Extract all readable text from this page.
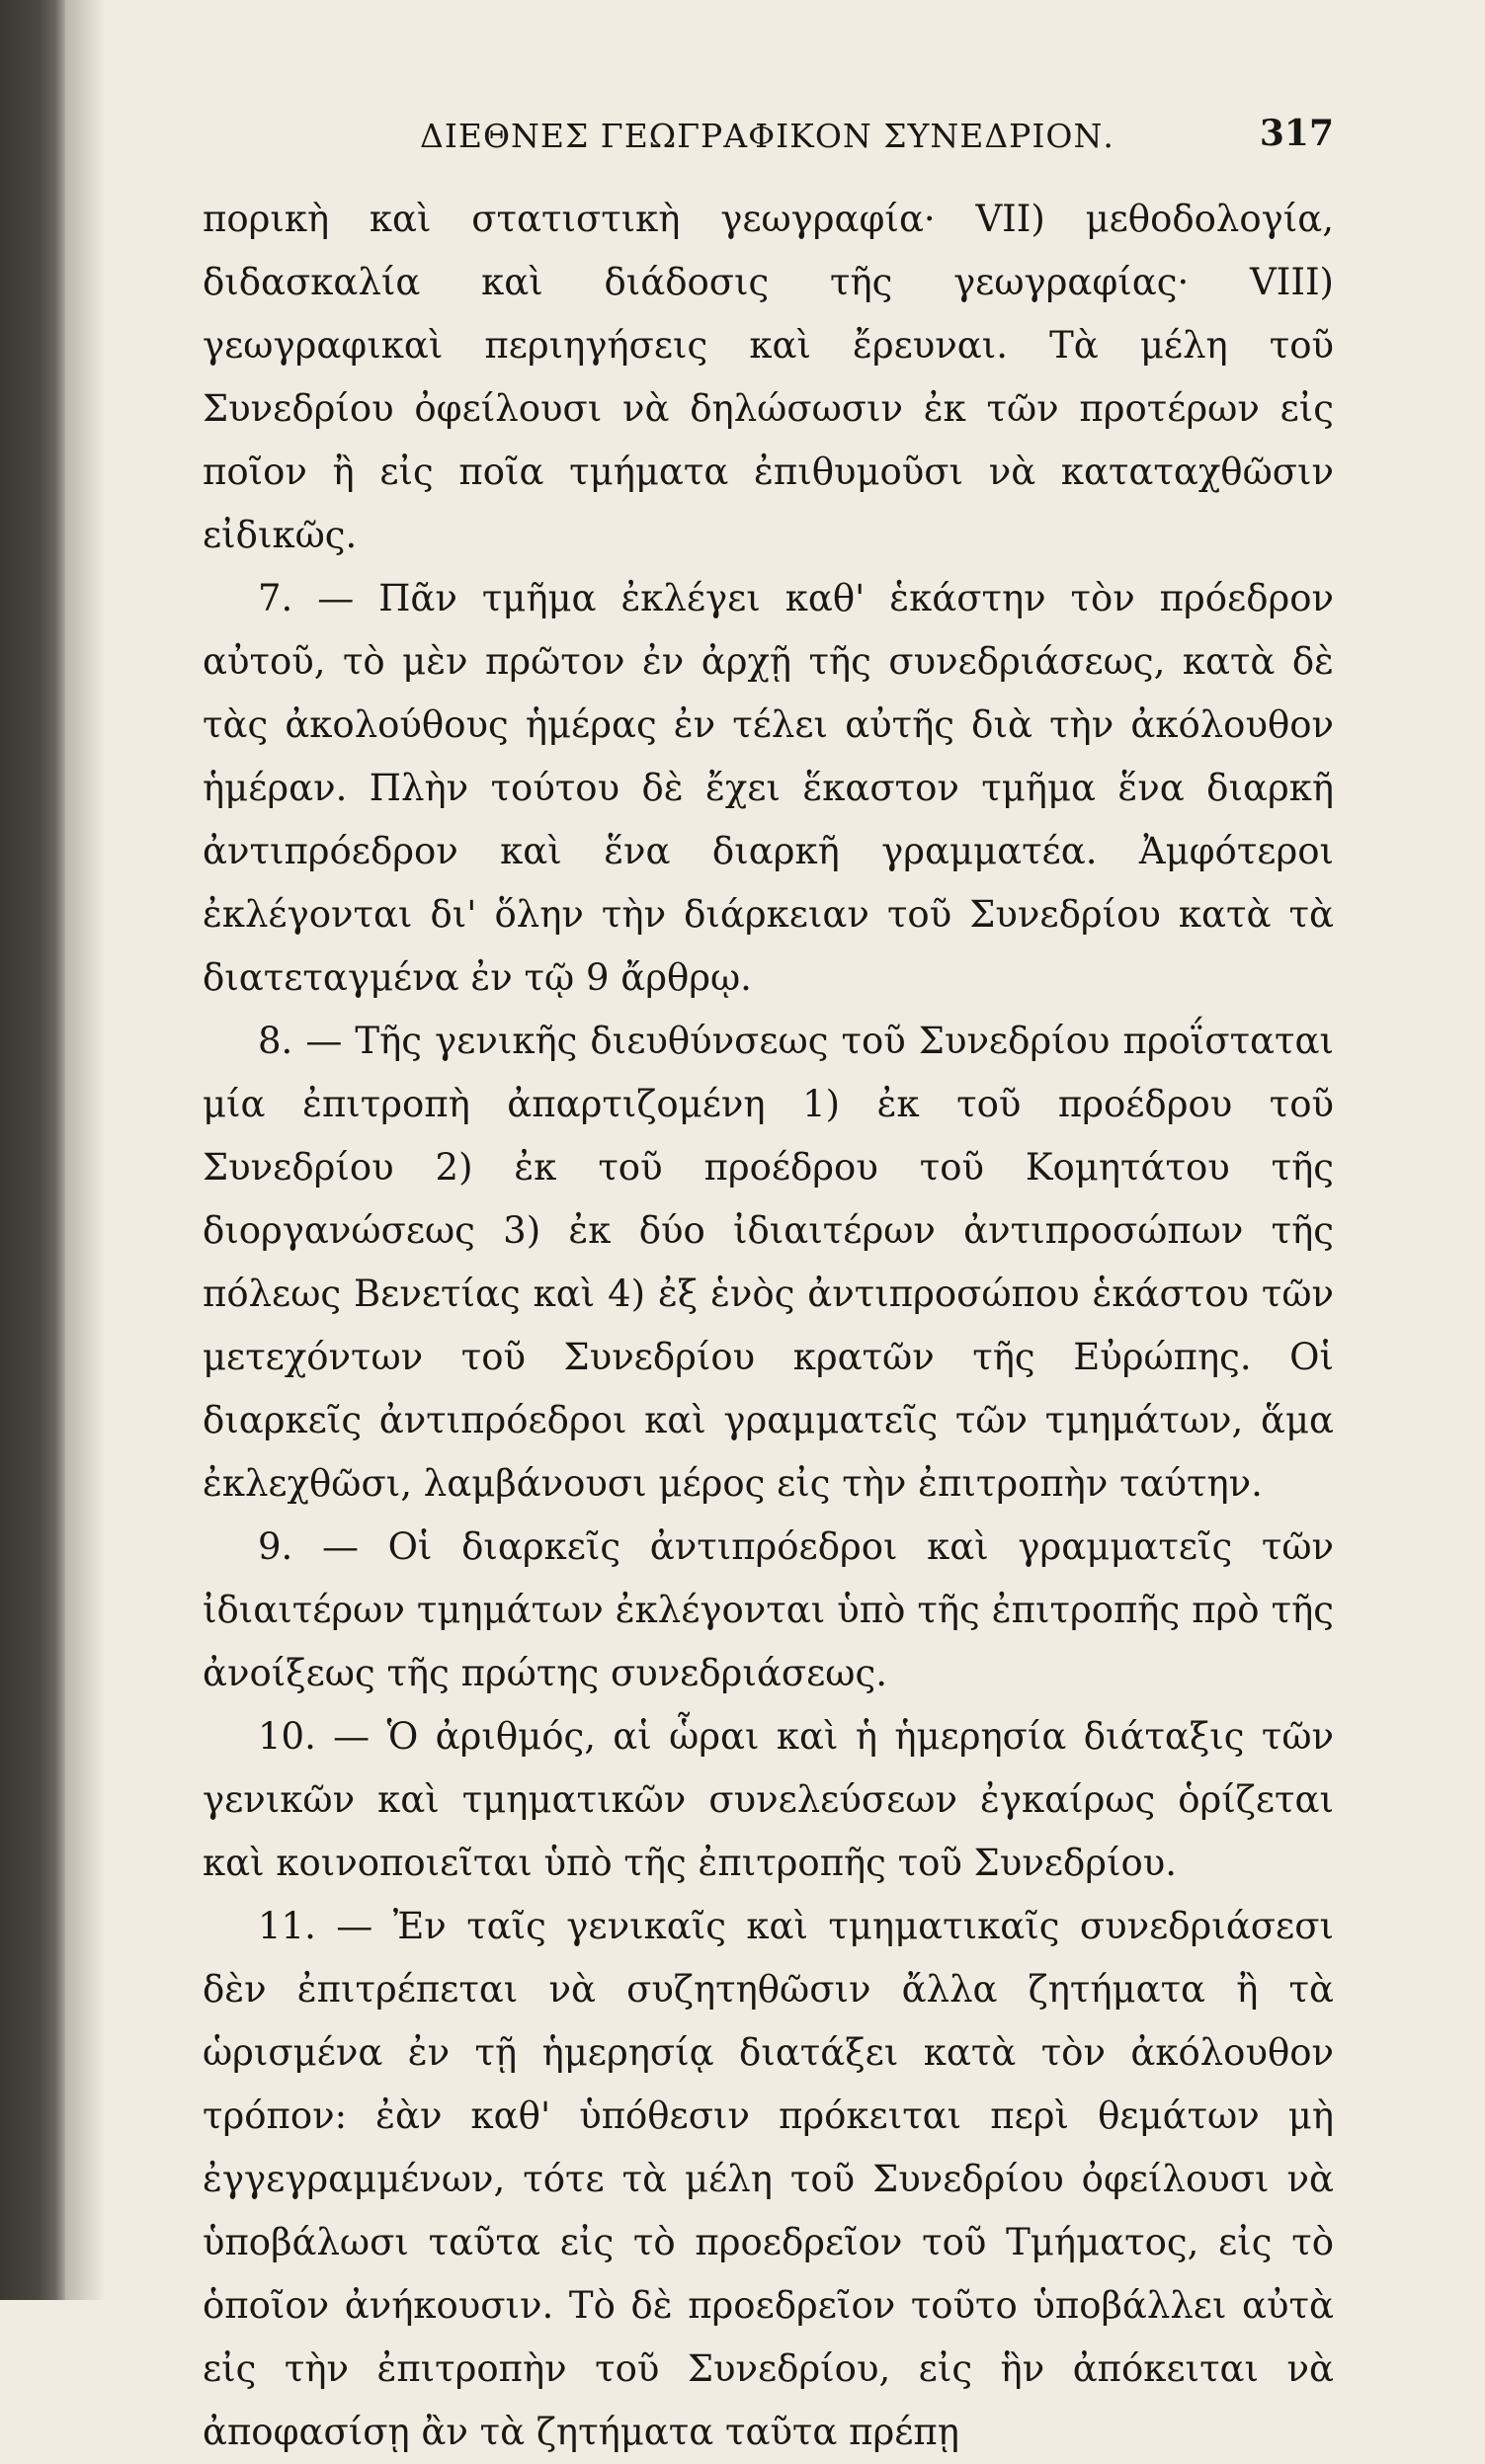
ΔΙΕΘΝΕΣ ΓΕΩΓΡΑΦΙΚΟΝ ΣΥΝΕΔΡΙΟΝ.	317

πορικὴ καὶ στατιστικὴ γεωγραφία· VII) μεθοδολογία, διδασκαλία καὶ διάδοσις τῆς γεωγραφίας· VIII) γεωγραφικαὶ περιηγήσεις καὶ ἔρευναι. Τὰ μέλη τοῦ Συνεδρίου ὀφείλουσι νὰ δηλώσωσιν ἐκ τῶν προτέρων εἰς ποῖον ἢ εἰς ποῖα τμήματα ἐπιθυμοῦσι νὰ καταταχθῶσιν εἰδικῶς.

7. — Πᾶν τμῆμα ἐκλέγει καθ' ἑκάστην τὸν πρόεδρον αὐτοῦ, τὸ μὲν πρῶτον ἐν ἀρχῇ τῆς συνεδριάσεως, κατὰ δὲ τὰς ἀκολούθους ἡμέρας ἐν τέλει αὐτῆς διὰ τὴν ἀκόλουθον ἡμέραν. Πλὴν τούτου δὲ ἔχει ἕκαστον τμῆμα ἕνα διαρκῆ ἀντιπρόεδρον καὶ ἕνα διαρκῆ γραμματέα. Ἀμφότεροι ἐκλέγονται δι' ὅλην τὴν διάρκειαν τοῦ Συνεδρίου κατὰ τὰ διατεταγμένα ἐν τῷ 9 ἄρθρῳ.

8. — Τῆς γενικῆς διευθύνσεως τοῦ Συνεδρίου προΐσταται μία ἐπιτροπὴ ἀπαρτιζομένη 1) ἐκ τοῦ προέδρου τοῦ Συνεδρίου 2) ἐκ τοῦ προέδρου τοῦ Κομητάτου τῆς διοργανώσεως 3) ἐκ δύο ἰδιαιτέρων ἀντιπροσώπων τῆς πόλεως Βενετίας καὶ 4) ἐξ ἑνὸς ἀντιπροσώπου ἑκάστου τῶν μετεχόντων τοῦ Συνεδρίου κρατῶν τῆς Εὐρώπης. Οἱ διαρκεῖς ἀντιπρόεδροι καὶ γραμματεῖς τῶν τμημάτων, ἅμα ἐκλεχθῶσι, λαμβάνουσι μέρος εἰς τὴν ἐπιτροπὴν ταύτην.

9. — Οἱ διαρκεῖς ἀντιπρόεδροι καὶ γραμματεῖς τῶν ἰδιαιτέρων τμημάτων ἐκλέγονται ὑπὸ τῆς ἐπιτροπῆς πρὸ τῆς ἀνοίξεως τῆς πρώτης συνεδριάσεως.

10. — Ὁ ἀριθμός, αἱ ὧραι καὶ ἡ ἡμερησία διάταξις τῶν γενικῶν καὶ τμηματικῶν συνελεύσεων ἐγκαίρως ὁρίζεται καὶ κοινοποιεῖται ὑπὸ τῆς ἐπιτροπῆς τοῦ Συνεδρίου.

11. — Ἐν ταῖς γενικαῖς καὶ τμηματικαῖς συνεδριάσεσι δὲν ἐπιτρέπεται νὰ συζητηθῶσιν ἄλλα ζητήματα ἢ τὰ ὡρισμένα ἐν τῇ ἡμερησίᾳ διατάξει κατὰ τὸν ἀκόλουθον τρόπον: ἐὰν καθ' ὑπόθεσιν πρόκειται περὶ θεμάτων μὴ ἐγγεγραμμένων, τότε τὰ μέλη τοῦ Συνεδρίου ὀφείλουσι νὰ ὑποβάλωσι ταῦτα εἰς τὸ προεδρεῖον τοῦ Τμήματος, εἰς τὸ ὁποῖον ἀνήκουσιν. Τὸ δὲ προεδρεῖον τοῦτο ὑποβάλλει αὐτὰ εἰς τὴν ἐπιτροπὴν τοῦ Συνεδρίου, εἰς ἣν ἀπόκειται νὰ ἀποφασίσῃ ἂν τὰ ζητήματα ταῦτα πρέπῃ
